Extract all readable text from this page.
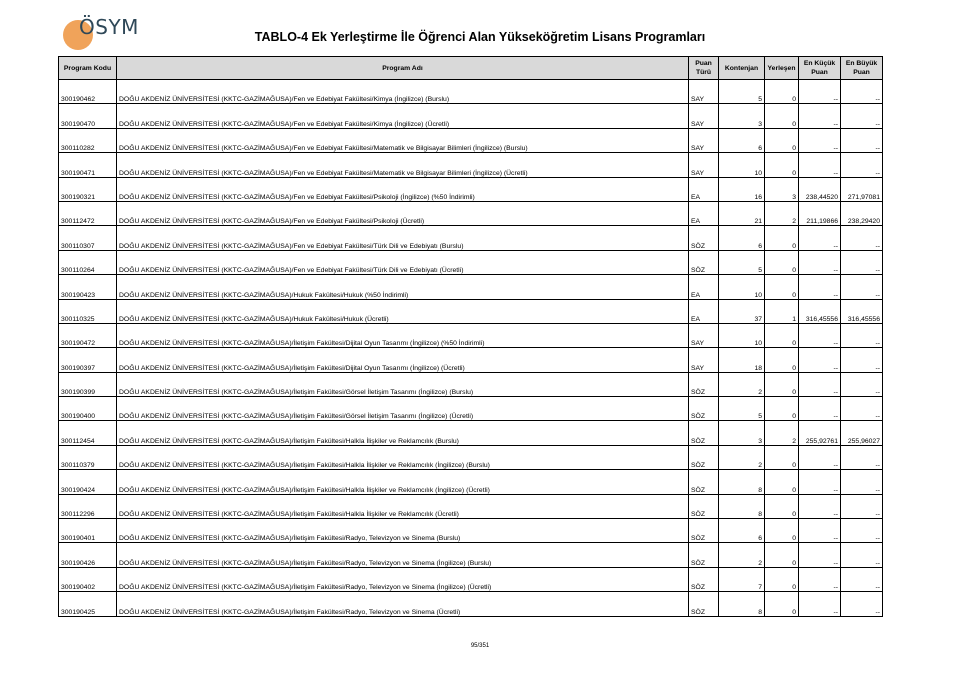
ÖSYM	TABLO-4 Ek Yerleştirme İle Öğrenci Alan Yükseköğretim Lisans Programları
Program Kodu	Program Adı	Puan Türü	Kontenjan	Yerleşen	En Küçük Puan	En Büyük Puan
300190462	DOĞU AKDENİZ ÜNİVERSİTESİ (KKTC-GAZİMAĞUSA)/Fen ve Edebiyat Fakültesi/Kimya (İngilizce) (Burslu)	SAY	5	0	--	--
300190470	DOĞU AKDENİZ ÜNİVERSİTESİ (KKTC-GAZİMAĞUSA)/Fen ve Edebiyat Fakültesi/Kimya (İngilizce) (Ücretli)	SAY	3	0	--	--
300110282	DOĞU AKDENİZ ÜNİVERSİTESİ (KKTC-GAZİMAĞUSA)/Fen ve Edebiyat Fakültesi/Matematik ve Bilgisayar Bilimleri (İngilizce) (Burslu)	SAY	6	0	--	--
300190471	DOĞU AKDENİZ ÜNİVERSİTESİ (KKTC-GAZİMAĞUSA)/Fen ve Edebiyat Fakültesi/Matematik ve Bilgisayar Bilimleri (İngilizce) (Ücretli)	SAY	10	0	--	--
300190321	DOĞU AKDENİZ ÜNİVERSİTESİ (KKTC-GAZİMAĞUSA)/Fen ve Edebiyat Fakültesi/Psikoloji (İngilizce) (%50 İndirimli)	EA	16	3	238,44520	271,97081
300112472	DOĞU AKDENİZ ÜNİVERSİTESİ (KKTC-GAZİMAĞUSA)/Fen ve Edebiyat Fakültesi/Psikoloji (Ücretli)	EA	21	2	211,19866	238,29420
300110307	DOĞU AKDENİZ ÜNİVERSİTESİ (KKTC-GAZİMAĞUSA)/Fen ve Edebiyat Fakültesi/Türk Dili ve Edebiyatı (Burslu)	SÖZ	6	0	--	--
300110264	DOĞU AKDENİZ ÜNİVERSİTESİ (KKTC-GAZİMAĞUSA)/Fen ve Edebiyat Fakültesi/Türk Dili ve Edebiyatı (Ücretli)	SÖZ	5	0	--	--
300190423	DOĞU AKDENİZ ÜNİVERSİTESİ (KKTC-GAZİMAĞUSA)/Hukuk Fakültesi/Hukuk (%50 İndirimli)	EA	10	0	--	--
300110325	DOĞU AKDENİZ ÜNİVERSİTESİ (KKTC-GAZİMAĞUSA)/Hukuk Fakültesi/Hukuk (Ücretli)	EA	37	1	316,45556	316,45556
300190472	DOĞU AKDENİZ ÜNİVERSİTESİ (KKTC-GAZİMAĞUSA)/İletişim Fakültesi/Dijital Oyun Tasarımı (İngilizce) (%50 İndirimli)	SAY	10	0	--	--
300190397	DOĞU AKDENİZ ÜNİVERSİTESİ (KKTC-GAZİMAĞUSA)/İletişim Fakültesi/Dijital Oyun Tasarımı (İngilizce) (Ücretli)	SAY	18	0	--	--
300190399	DOĞU AKDENİZ ÜNİVERSİTESİ (KKTC-GAZİMAĞUSA)/İletişim Fakültesi/Görsel İletişim Tasarımı (İngilizce) (Burslu)	SÖZ	2	0	--	--
300190400	DOĞU AKDENİZ ÜNİVERSİTESİ (KKTC-GAZİMAĞUSA)/İletişim Fakültesi/Görsel İletişim Tasarımı (İngilizce) (Ücretli)	SÖZ	5	0	--	--
300112454	DOĞU AKDENİZ ÜNİVERSİTESİ (KKTC-GAZİMAĞUSA)/İletişim Fakültesi/Halkla İlişkiler ve Reklamcılık (Burslu)	SÖZ	3	2	255,92761	255,96027
300110379	DOĞU AKDENİZ ÜNİVERSİTESİ (KKTC-GAZİMAĞUSA)/İletişim Fakültesi/Halkla İlişkiler ve Reklamcılık (İngilizce) (Burslu)	SÖZ	2	0	--	--
300190424	DOĞU AKDENİZ ÜNİVERSİTESİ (KKTC-GAZİMAĞUSA)/İletişim Fakültesi/Halkla İlişkiler ve Reklamcılık (İngilizce) (Ücretli)	SÖZ	8	0	--	--
300112296	DOĞU AKDENİZ ÜNİVERSİTESİ (KKTC-GAZİMAĞUSA)/İletişim Fakültesi/Halkla İlişkiler ve Reklamcılık (Ücretli)	SÖZ	8	0	--	--
300190401	DOĞU AKDENİZ ÜNİVERSİTESİ (KKTC-GAZİMAĞUSA)/İletişim Fakültesi/Radyo, Televizyon ve Sinema (Burslu)	SÖZ	6	0	--	--
300190426	DOĞU AKDENİZ ÜNİVERSİTESİ (KKTC-GAZİMAĞUSA)/İletişim Fakültesi/Radyo, Televizyon ve Sinema (İngilizce) (Burslu)	SÖZ	2	0	--	--
300190402	DOĞU AKDENİZ ÜNİVERSİTESİ (KKTC-GAZİMAĞUSA)/İletişim Fakültesi/Radyo, Televizyon ve Sinema (İngilizce) (Ücretli)	SÖZ	7	0	--	--
300190425	DOĞU AKDENİZ ÜNİVERSİTESİ (KKTC-GAZİMAĞUSA)/İletişim Fakültesi/Radyo, Televizyon ve Sinema (Ücretli)	SÖZ	8	0	--	--
95/351
